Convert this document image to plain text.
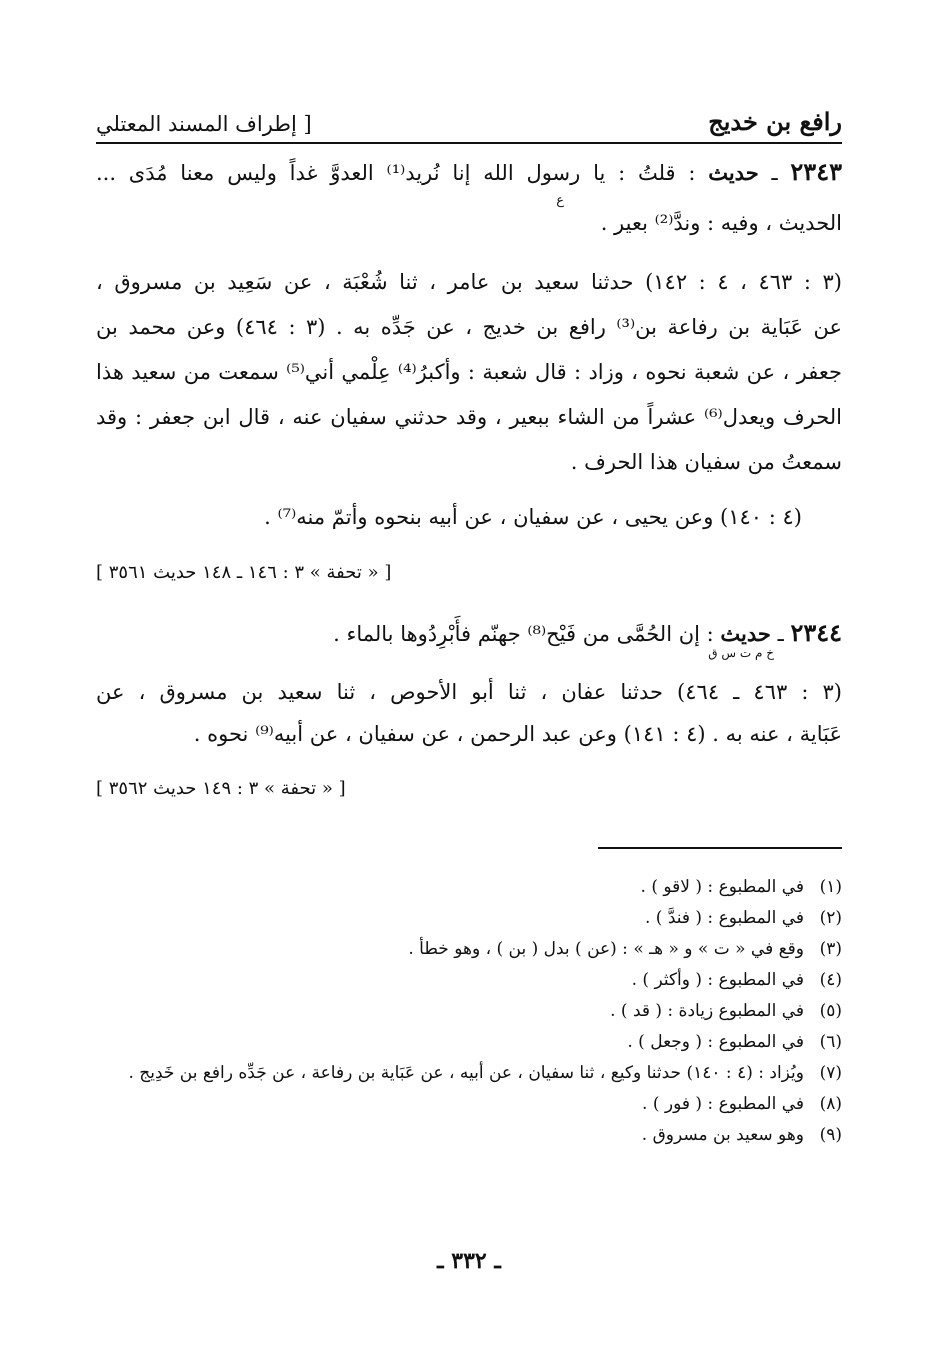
رافع بن خديج
[ إطراف المسند المعتلي
٢٣٤٣ ـ حديث : قلتُ : يا رسول الله إنا نُريد⁽¹⁾ العدوَّ غداً وليس معنا مُدَى ...
ع
الحديث ، وفيه : وندَّ⁽²⁾ بعير .
(٣ : ٤٦٣ ، ٤ : ١٤٢) حدثنا سعيد بن عامر ، ثنا شُعْبَة ، عن سَعِيد بن مسروق ،
عن عَبَاية بن رفاعة بن⁽³⁾ رافع بن خديج ، عن جَدِّه به . (٣ : ٤٦٤) وعن محمد بن
جعفر ، عن شعبة نحوه ، وزاد : قال شعبة : وأكبرُ⁽⁴⁾ عِلْمي أني⁽⁵⁾ سمعت من سعيد هذا
الحرف ويعدل⁽⁶⁾ عشراً من الشاء ببعير ، وقد حدثني سفيان عنه ، قال ابن جعفر : وقد
سمعتُ من سفيان هذا الحرف .
(٤ : ١٤٠) وعن يحيى ، عن سفيان ، عن أبيه بنحوه وأتمّ منه⁽⁷⁾ .
[ « تحفة » ٣ : ١٤٦ ـ ١٤٨ حديث ٣٥٦١ ]
٢٣٤٤ ـ حديث : إن الحُمَّى من فَيْح⁽⁸⁾ جهنّم فأَبْرِدُوها بالماء .
خ م ت س ق
(٣ : ٤٦٣ ـ ٤٦٤) حدثنا عفان ، ثنا أبو الأحوص ، ثنا سعيد بن مسروق ، عن
عَبَاية ، عنه به . (٤ : ١٤١) وعن عبد الرحمن ، عن سفيان ، عن أبيه⁽⁹⁾ نحوه .
[ « تحفة » ٣ : ١٤٩ حديث ٣٥٦٢ ]
(١)
في المطبوع : ( لاقو ) .
(٢)
في المطبوع : ( فندَّ ) .
(٣)
وقع في « ت » و « هـ » : (عن ) بدل ( بن ) ، وهو خطأ .
(٤)
في المطبوع : ( وأكثر ) .
(٥)
في المطبوع زيادة : ( قد ) .
(٦)
في المطبوع : ( وجعل ) .
(٧)
ويُزاد : (٤ : ١٤٠) حدثنا وكيع ، ثنا سفيان ، عن أبيه ، عن عَبَاية بن رفاعة ، عن جَدِّه رافع بن خَدِيج .
(٨)
في المطبوع : ( فور ) .
(٩)
وهو سعيد بن مسروق .
ـ ٣٣٢ ـ
